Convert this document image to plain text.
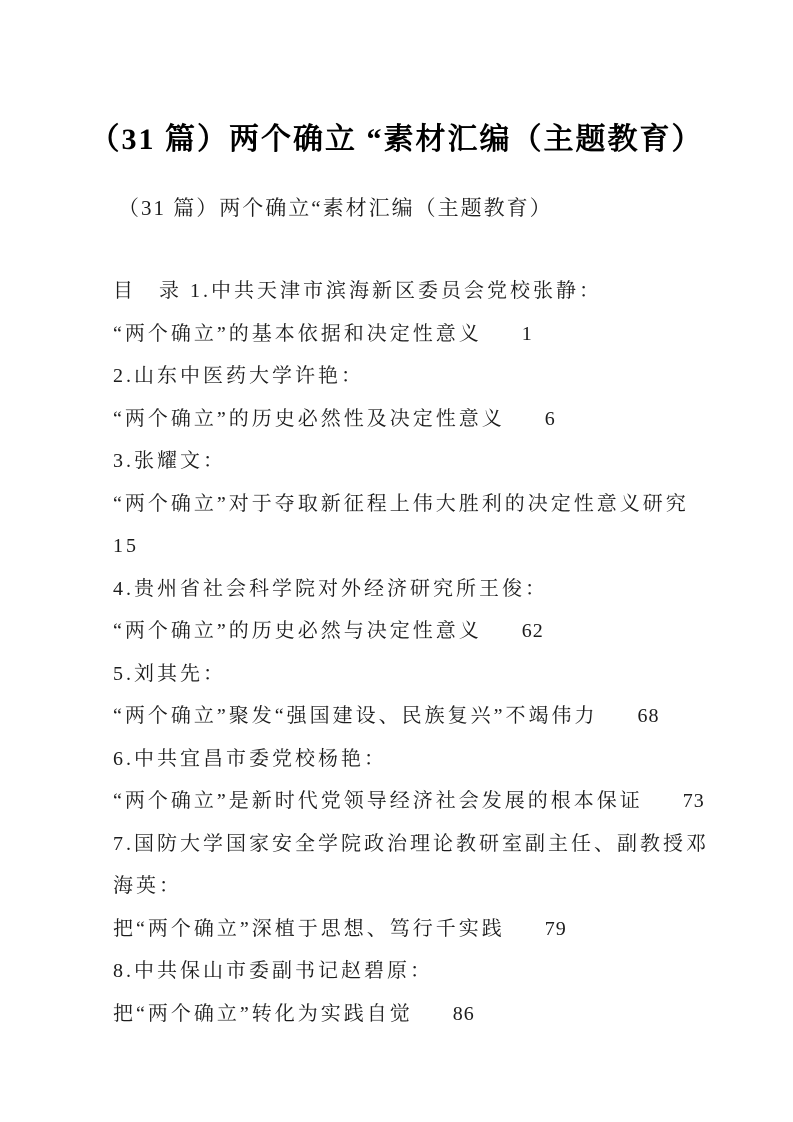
（31 篇）两个确立 “素材汇编（主题教育）
（31 篇）两个确立“素材汇编（主题教育）
目　录 1.中共天津市滨海新区委员会党校张静：
“两个确立”的基本依据和决定性意义 1
2.山东中医药大学许艳：
“两个确立”的历史必然性及决定性意义 6
3.张耀文：
“两个确立”对于夺取新征程上伟大胜利的决定性意义研究
15
4.贵州省社会科学院对外经济研究所王俊：
“两个确立”的历史必然与决定性意义 62
5.刘其先：
“两个确立”聚发“强国建设、民族复兴”不竭伟力 68
6.中共宜昌市委党校杨艳：
“两个确立”是新时代党领导经济社会发展的根本保证 73
7.国防大学国家安全学院政治理论教研室副主任、副教授邓
海英：
把“两个确立”深植于思想、笃行千实践 79
8.中共保山市委副书记赵碧原：
把“两个确立”转化为实践自觉 86
